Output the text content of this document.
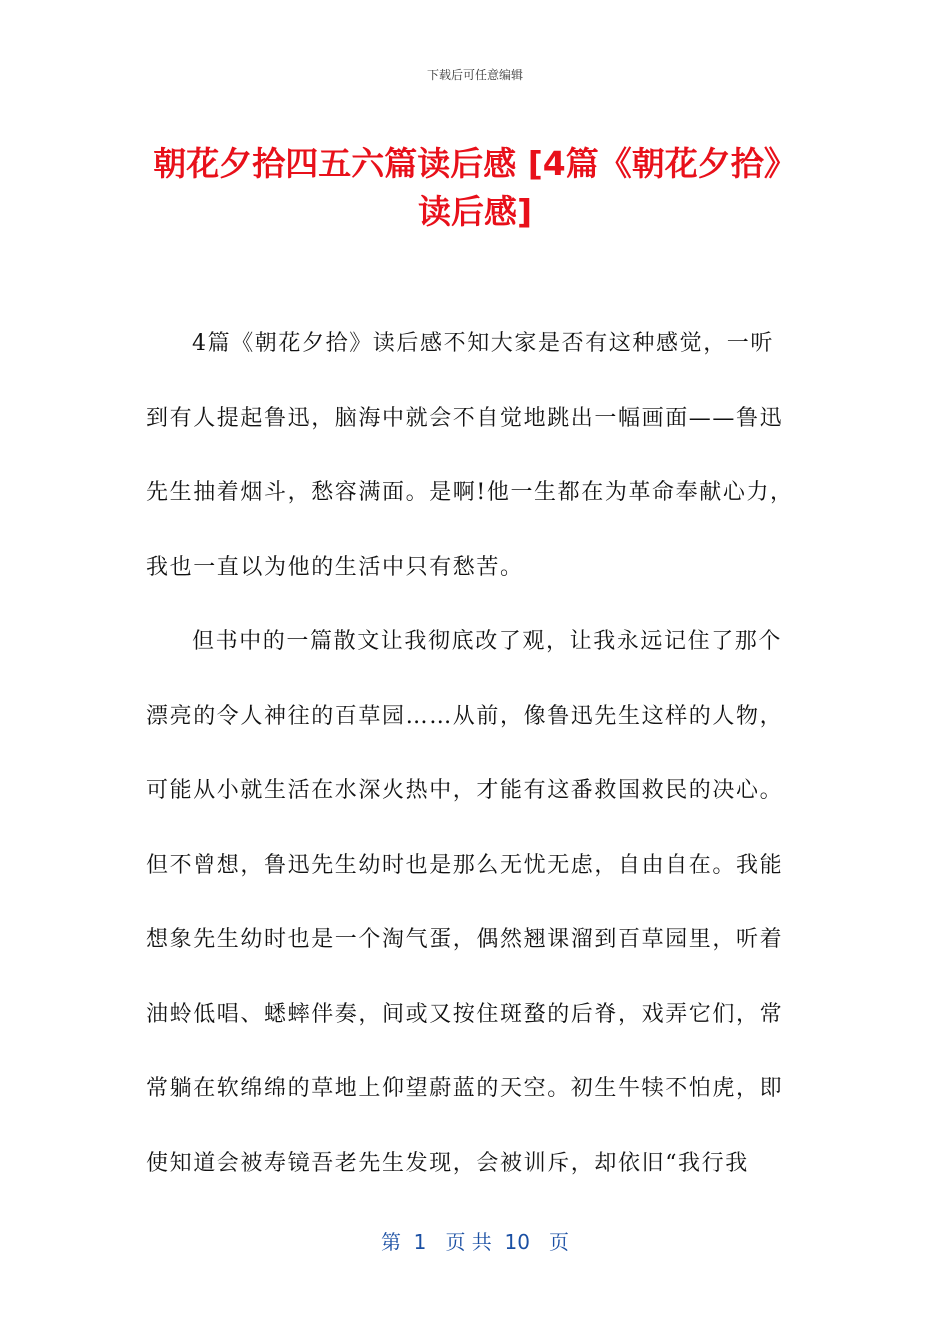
下载后可任意编辑
朝花夕拾四五六篇读后感 [4篇《朝花夕拾》
读后感]
4篇《朝花夕拾》读后感不知大家是否有这种感觉，一听
到有人提起鲁迅，脑海中就会不自觉地跳出一幅画面——鲁迅
先生抽着烟斗，愁容满面。是啊!他一生都在为革命奉献心力，
我也一直以为他的生活中只有愁苦。
但书中的一篇散文让我彻底改了观，让我永远记住了那个
漂亮的令人神往的百草园……从前，像鲁迅先生这样的人物，
可能从小就生活在水深火热中，才能有这番救国救民的决心。
但不曾想，鲁迅先生幼时也是那么无忧无虑，自由自在。我能
想象先生幼时也是一个淘气蛋，偶然翘课溜到百草园里，听着
油蛉低唱、蟋蟀伴奏，间或又按住斑蝥的后脊，戏弄它们，常
常躺在软绵绵的草地上仰望蔚蓝的天空。初生牛犊不怕虎，即
使知道会被寿镜吾老先生发现，会被训斥，却依旧“我行我
第  1   页 共  10   页
